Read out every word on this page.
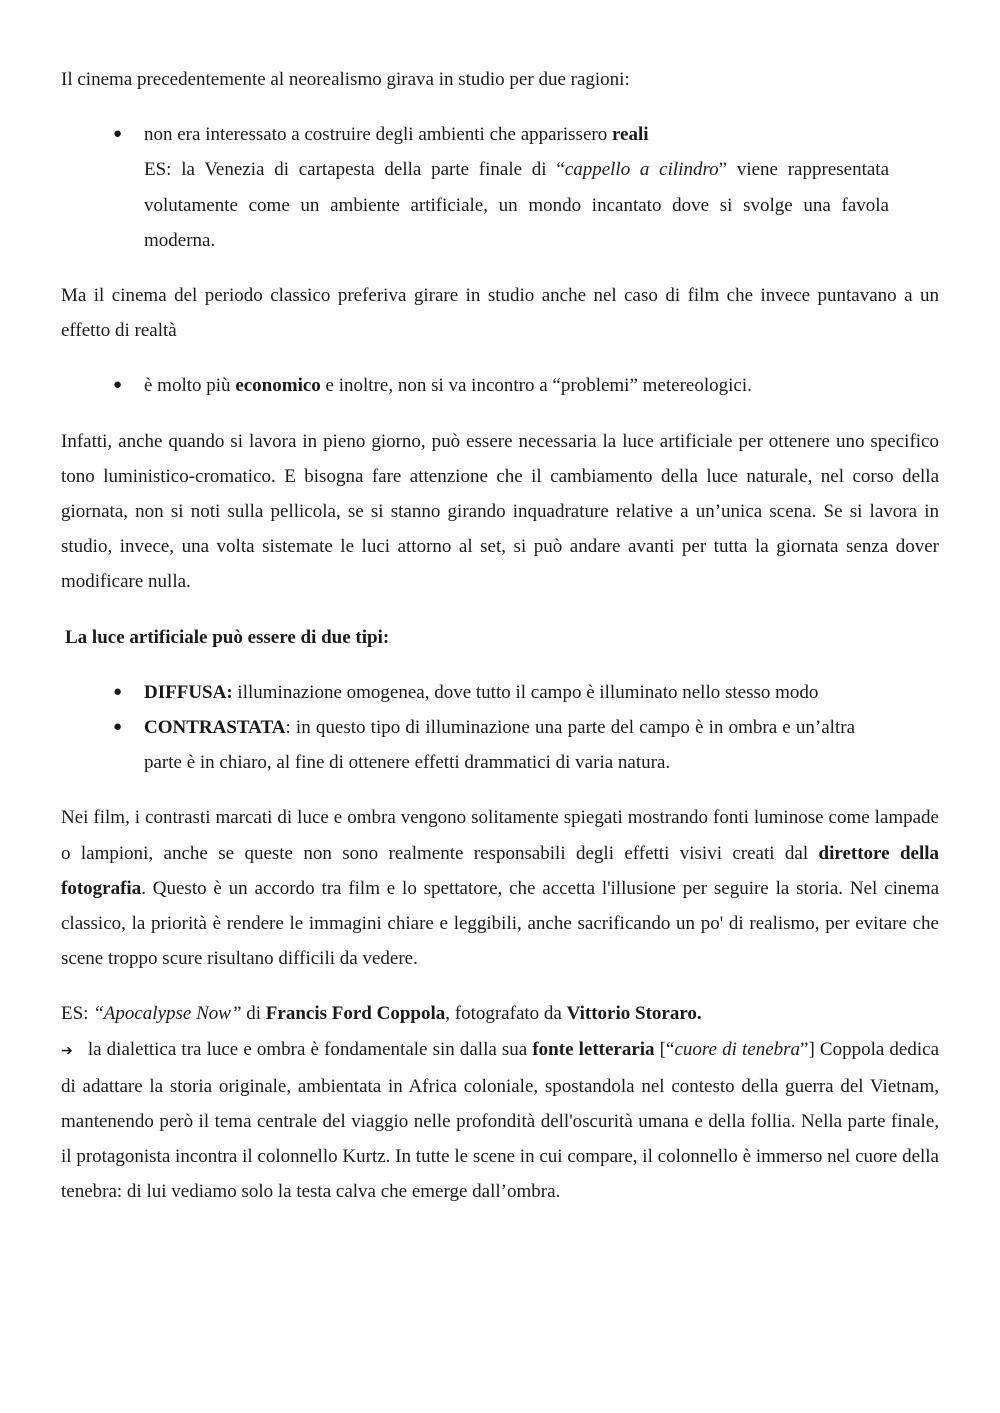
Il cinema precedentemente al neorealismo girava in studio per due ragioni:

● non era interessato a costruire degli ambienti che apparissero reali
ES: la Venezia di cartapesta della parte finale di “cappello a cilindro” viene rappresentata volutamente come un ambiente artificiale, un mondo incantato dove si svolge una favola moderna.

Ma il cinema del periodo classico preferiva girare in studio anche nel caso di film che invece puntavano a un effetto di realtà

● è molto più economico e inoltre, non si va incontro a “problemi” metereologici.

Infatti, anche quando si lavora in pieno giorno, può essere necessaria la luce artificiale per ottenere uno specifico tono luministico-cromatico. E bisogna fare attenzione che il cambiamento della luce naturale, nel corso della giornata, non si noti sulla pellicola, se si stanno girando inquadrature relative a un’unica scena. Se si lavora in studio, invece, una volta sistemate le luci attorno al set, si può andare avanti per tutta la giornata senza dover modificare nulla.

La luce artificiale può essere di due tipi:

● DIFFUSA: illuminazione omogenea, dove tutto il campo è illuminato nello stesso modo
● CONTRASTATA: in questo tipo di illuminazione una parte del campo è in ombra e un’altra parte è in chiaro, al fine di ottenere effetti drammatici di varia natura.

Nei film, i contrasti marcati di luce e ombra vengono solitamente spiegati mostrando fonti luminose come lampade o lampioni, anche se queste non sono realmente responsabili degli effetti visivi creati dal direttore della fotografia. Questo è un accordo tra film e lo spettatore, che accetta l'illusione per seguire la storia. Nel cinema classico, la priorità è rendere le immagini chiare e leggibili, anche sacrificando un po' di realismo, per evitare che scene troppo scure risultano difficili da vedere.

ES: “Apocalypse Now” di Francis Ford Coppola, fotografato da Vittorio Storaro.

➔ la dialettica tra luce e ombra è fondamentale sin dalla sua fonte letteraria [“cuore di tenebra”] Coppola dedica di adattare la storia originale, ambientata in Africa coloniale, spostandola nel contesto della guerra del Vietnam, mantenendo però il tema centrale del viaggio nelle profondità dell'oscurità umana e della follia. Nella parte finale, il protagonista incontra il colonnello Kurtz. In tutte le scene in cui compare, il colonnello è immerso nel cuore della tenebra: di lui vediamo solo la testa calva che emerge dall’ombra.
